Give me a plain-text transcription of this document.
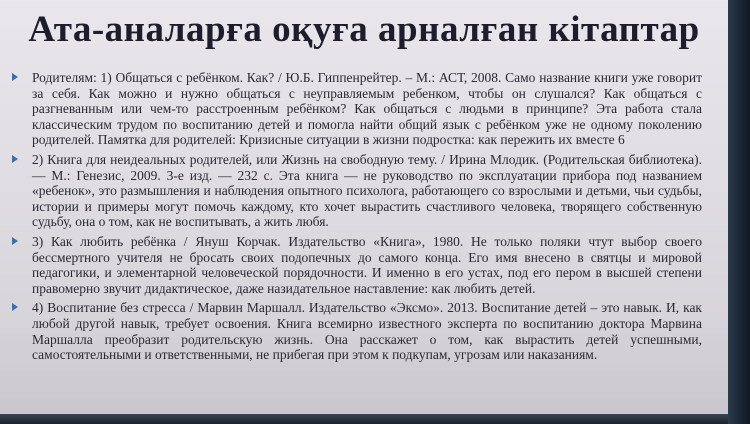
Ата-аналарға оқуға арналған кітаптар
Родителям: 1) Общаться с ребёнком. Как? / Ю.Б. Гиппенрейтер. – М.: АСТ, 2008. Само название книги уже говорит за себя. Как можно и нужно общаться с неуправляемым ребенком, чтобы он слушался? Как общаться с разгневанным или чем-то расстроенным ребёнком? Как общаться с людьми в принципе? Эта работа стала классическим трудом по воспитанию детей и помогла найти общий язык с ребёнком уже не одному поколению родителей. Памятка для родителей: Кризисные ситуации в жизни подростка: как пережить их вместе 6
2) Книга для неидеальных родителей, или Жизнь на свободную тему. / Ирина Млодик. (Родительская библиотека). — М.: Генезис, 2009. 3-е изд. — 232 с. Эта книга — не руководство по эксплуатации прибора под названием «ребенок», это размышления и наблюдения опытного психолога, работающего со взрослыми и детьми, чьи судьбы, истории и примеры могут помочь каждому, кто хочет вырастить счастливого человека, творящего собственную судьбу, она о том, как не воспитывать, а жить любя.
3) Как любить ребёнка / Януш Корчак. Издательство «Книга», 1980. Не только поляки чтут выбор своего бессмертного учителя не бросать своих подопечных до самого конца. Его имя внесено в святцы и мировой педагогики, и элементарной человеческой порядочности. И именно в его устах, под его пером в высшей степени правомерно звучит дидактическое, даже назидательное наставление: как любить детей.
4) Воспитание без стресса / Марвин Маршалл. Издательство «Эксмо». 2013. Воспитание детей – это навык. И, как любой другой навык, требует освоения. Книга всемирно известного эксперта по воспитанию доктора Марвина Маршалла преобразит родительскую жизнь. Она расскажет о том, как вырастить детей успешными, самостоятельными и ответственными, не прибегая при этом к подкупам, угрозам или наказаниям.
